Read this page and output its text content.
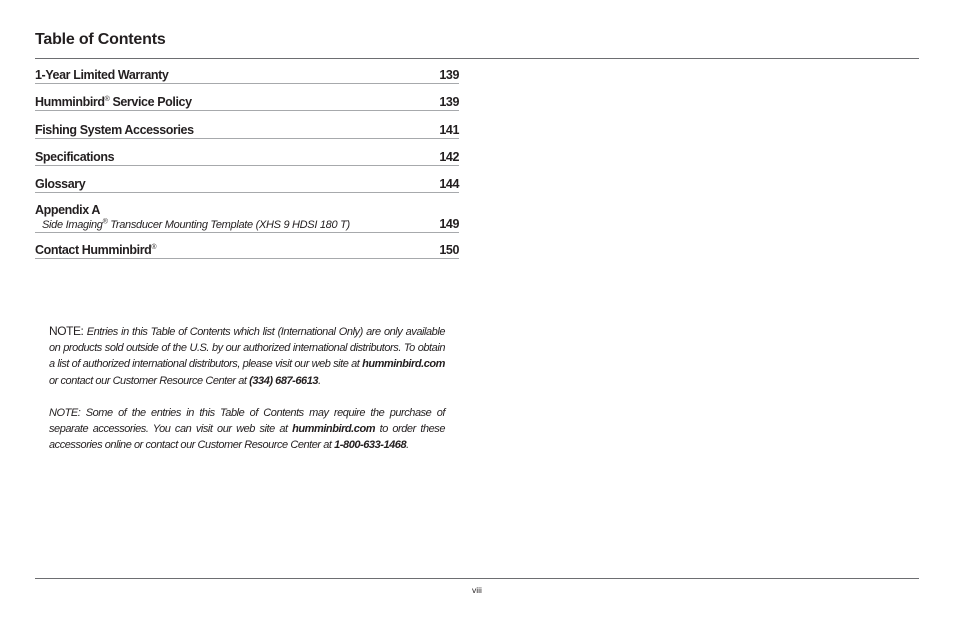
Table of Contents
1-Year Limited Warranty	139
Humminbird® Service Policy	139
Fishing System Accessories	141
Specifications	142
Glossary	144
Appendix A
Side Imaging® Transducer Mounting Template (XHS 9 HDSI 180 T)	149
Contact Humminbird®	150

NOTE: Entries in this Table of Contents which list (International Only) are only available on products sold outside of the U.S. by our authorized international distributors. To obtain a list of authorized international distributors, please visit our web site at humminbird.com or contact our Customer Resource Center at (334) 687-6613.

NOTE: Some of the entries in this Table of Contents may require the purchase of separate accessories. You can visit our web site at humminbird.com to order these accessories online or contact our Customer Resource Center at 1-800-633-1468.

viii
